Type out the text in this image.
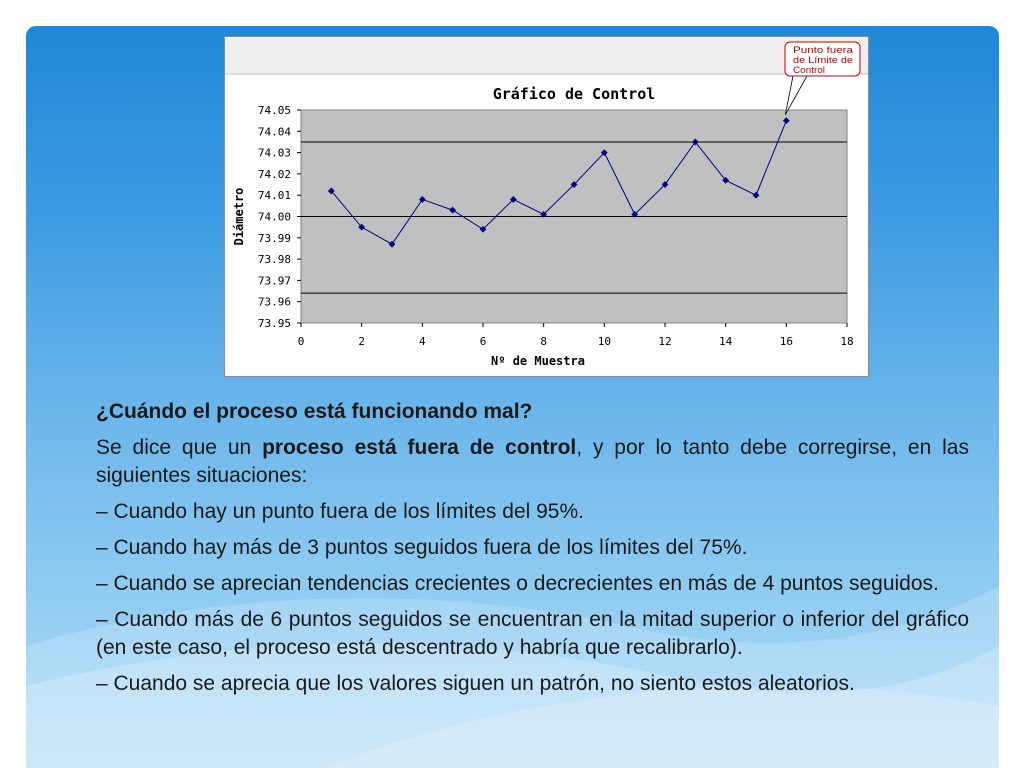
¿Cuándo el proceso está funcionando mal?

Se dice que un proceso está fuera de control, y por lo tanto debe corregirse, en las siguientes situaciones:

– Cuando hay un punto fuera de los límites del 95%.

– Cuando hay más de 3 puntos seguidos fuera de los límites del 75%.

– Cuando se aprecian tendencias crecientes o decrecientes en más de 4 puntos seguidos.

– Cuando más de 6 puntos seguidos se encuentran en la mitad superior o inferior del gráfico (en este caso, el proceso está descentrado y habría que recalibrarlo).

– Cuando se aprecia que los valores siguen un patrón, no siento estos aleatorios.

Gráfico de Control
74.05
74.04
74.03
74.02
74.01
74.00
73.99
73.98
73.97
73.96
73.95
0	2	4	6	8	10	12	14	16	18
Nº de Muestra
Diámetro
Punto fuera
de Límite de
Control
